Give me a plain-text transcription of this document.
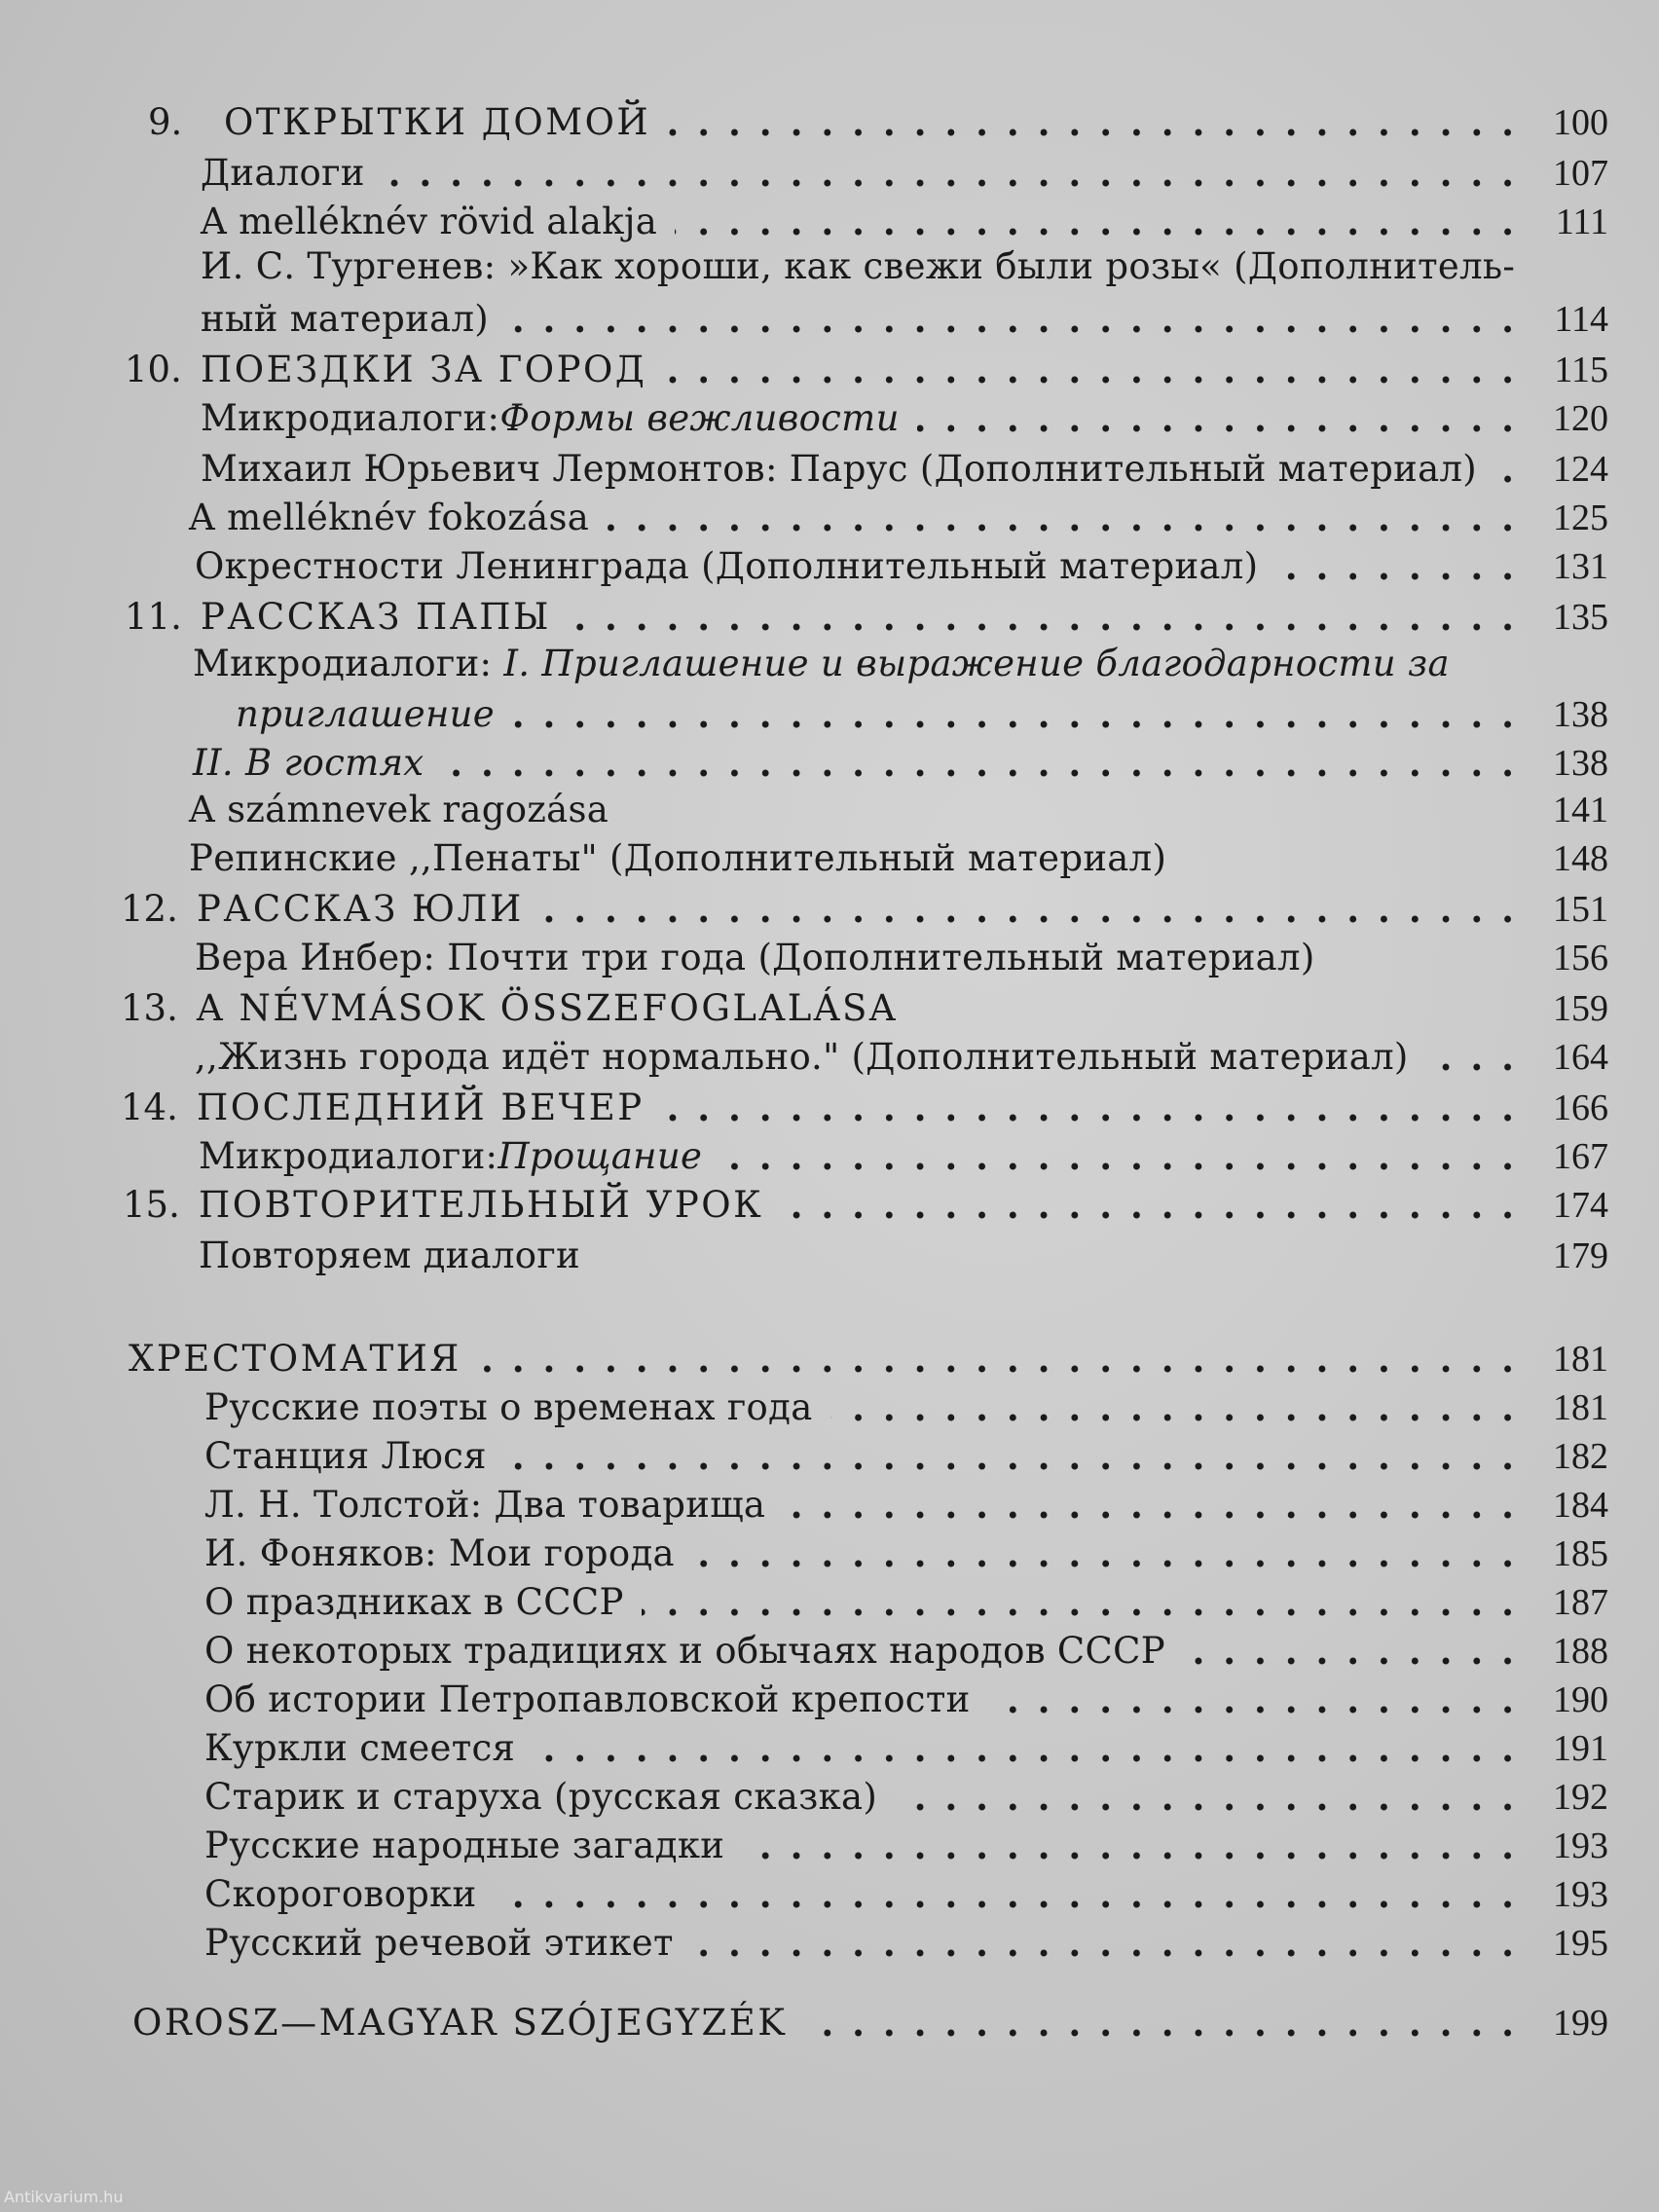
9.	ОТКРЫТКИ ДОМОЙ . . .	100
Диалоги . . .	107
A melléknév rövid alakja . . .	111
И. С. Тургенев: »Как хороши, как свежи были розы« (Дополнитель-
ный материал) . . .	114
10. ПОЕЗДКИ ЗА ГОРОД . . .	115
Микродиалоги: Формы вежливости . . .	120
Михаил Юрьевич Лермонтов: Парус (Дополнительный материал) . . .	124
A melléknév fokozása . . .	125
Окрестности Ленинграда (Дополнительный материал) . . .	131
11. РАССКАЗ ПАПЫ . . .	135
Микродиалоги: I. Приглашение и выражение благодарности за
приглашение . . .	138
II. В гостях . . .	138
A számnevek ragozása	141
Репинские ,,Пенаты" (Дополнительный материал)	148
12. РАССКАЗ ЮЛИ . . .	151
Вера Инбер: Почти три года (Дополнительный материал)	156
13. A NÉVMÁSOK ÖSSZEFOGLALÁSA	159
,,Жизнь города идёт нормально." (Дополнительный материал) . . .	164
14. ПОСЛЕДНИЙ ВЕЧЕР . . .	166
Микродиалоги: Прощание . . .	167
15. ПОВТОРИТЕЛЬНЫЙ УРОК . . .	174
Повторяем диалоги	179
ХРЕСТОМАТИЯ . . .	181
Русские поэты о временах года . . .	181
Станция Люся . . .	182
Л. Н. Толстой: Два товарища . . .	184
И. Фоняков: Мои города . . .	185
О праздниках в СССР . . .	187
О некоторых традициях и обычаях народов СССР . . .	188
Об истории Петропавловской крепости . . .	190
Куркли смеется . . .	191
Старик и старуха (русская сказка) . . .	192
Русские народные загадки . . .	193
Скороговорки . . .	193
Русский речевой этикет . . .	195
OROSZ—MAGYAR SZÓJEGYZÉK . . .	199
Antikvarium.hu
